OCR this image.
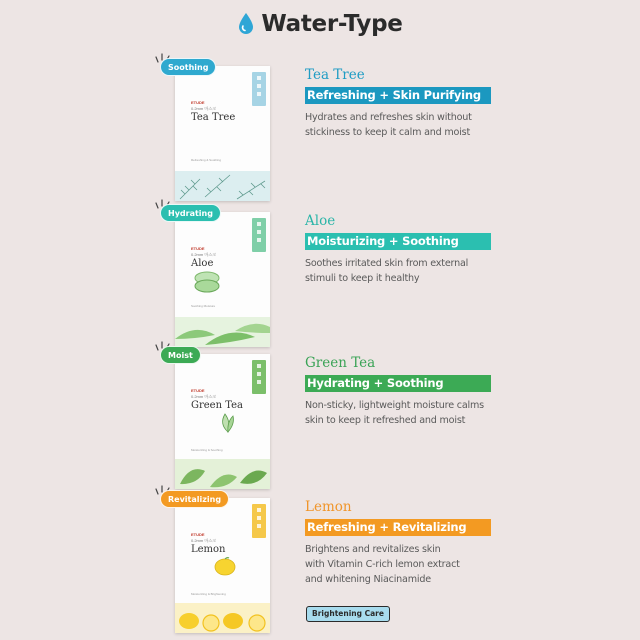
Water-Type
ETUDE
0.2mm 마스크
Tea Tree
Refreshing & Soothing
Soothing	Tea Tree
Refreshing + Skin Purifying
Hydrates and refreshes skin without
stickiness to keep it calm and moist
ETUDE
0.2mm 마스크
Aloe
Soothing Moisture
Hydrating	Aloe
Moisturizing + Soothing
Soothes irritated skin from external
stimuli to keep it healthy
ETUDE
0.2mm 마스크
Green Tea
Moisturizing & Soothing
Moist	Green Tea
Hydrating + Soothing
Non-sticky, lightweight moisture calms
skin to keep it refreshed and moist
ETUDE
0.2mm 마스크
Lemon
Moisturizing & Brightening
Revitalizing	Lemon
Refreshing + Revitalizing
Brightens and revitalizes skin
with Vitamin C-rich lemon extract
and whitening Niacinamide
Brightening Care
